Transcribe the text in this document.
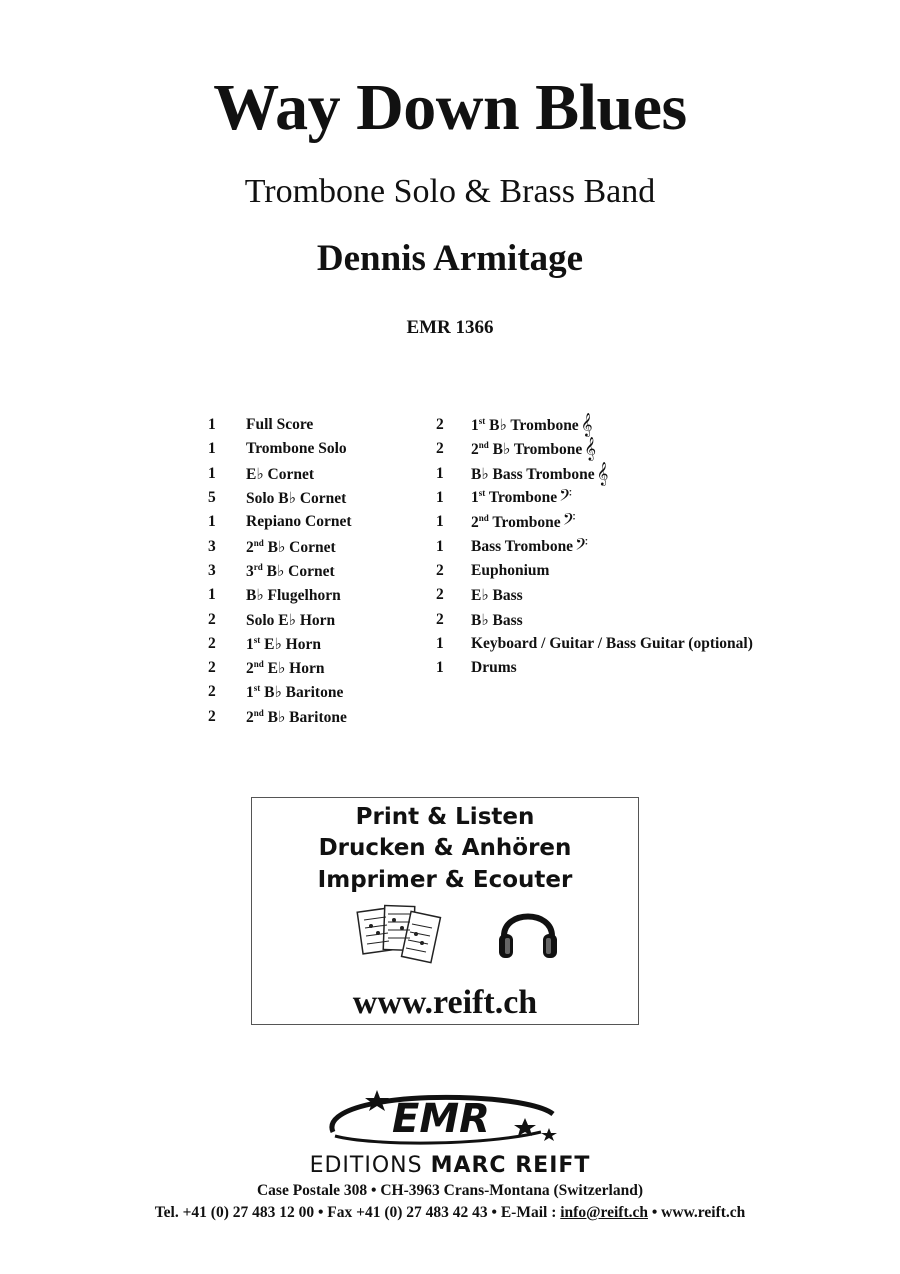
Way Down Blues
Trombone Solo & Brass Band
Dennis Armitage
EMR 1366
1	Full Score
1	Trombone Solo
1	E♭ Cornet
5	Solo B♭ Cornet
1	Repiano Cornet
3	2nd B♭ Cornet
3	3rd B♭ Cornet
1	B♭ Flugelhorn
2	Solo E♭ Horn
2	1st E♭ Horn
2	2nd E♭ Horn
2	1st B♭ Baritone
2	2nd B♭ Baritone
2	1st B♭ Trombone 𝄞
2	2nd B♭ Trombone 𝄞
1	B♭ Bass Trombone 𝄞
1	1st Trombone 𝄢
1	2nd Trombone 𝄢
1	Bass Trombone 𝄢
2	Euphonium
2	E♭ Bass
2	B♭ Bass
1	Keyboard / Guitar / Bass Guitar (optional)
1	Drums
Print & Listen
Drucken & Anhören
Imprimer & Ecouter
www.reift.ch
EMR
EDITIONS MARC REIFT
Case Postale 308 • CH-3963 Crans-Montana (Switzerland)
Tel. +41 (0) 27 483 12 00 • Fax +41 (0) 27 483 42 43 • E-Mail : info@reift.ch • www.reift.ch
